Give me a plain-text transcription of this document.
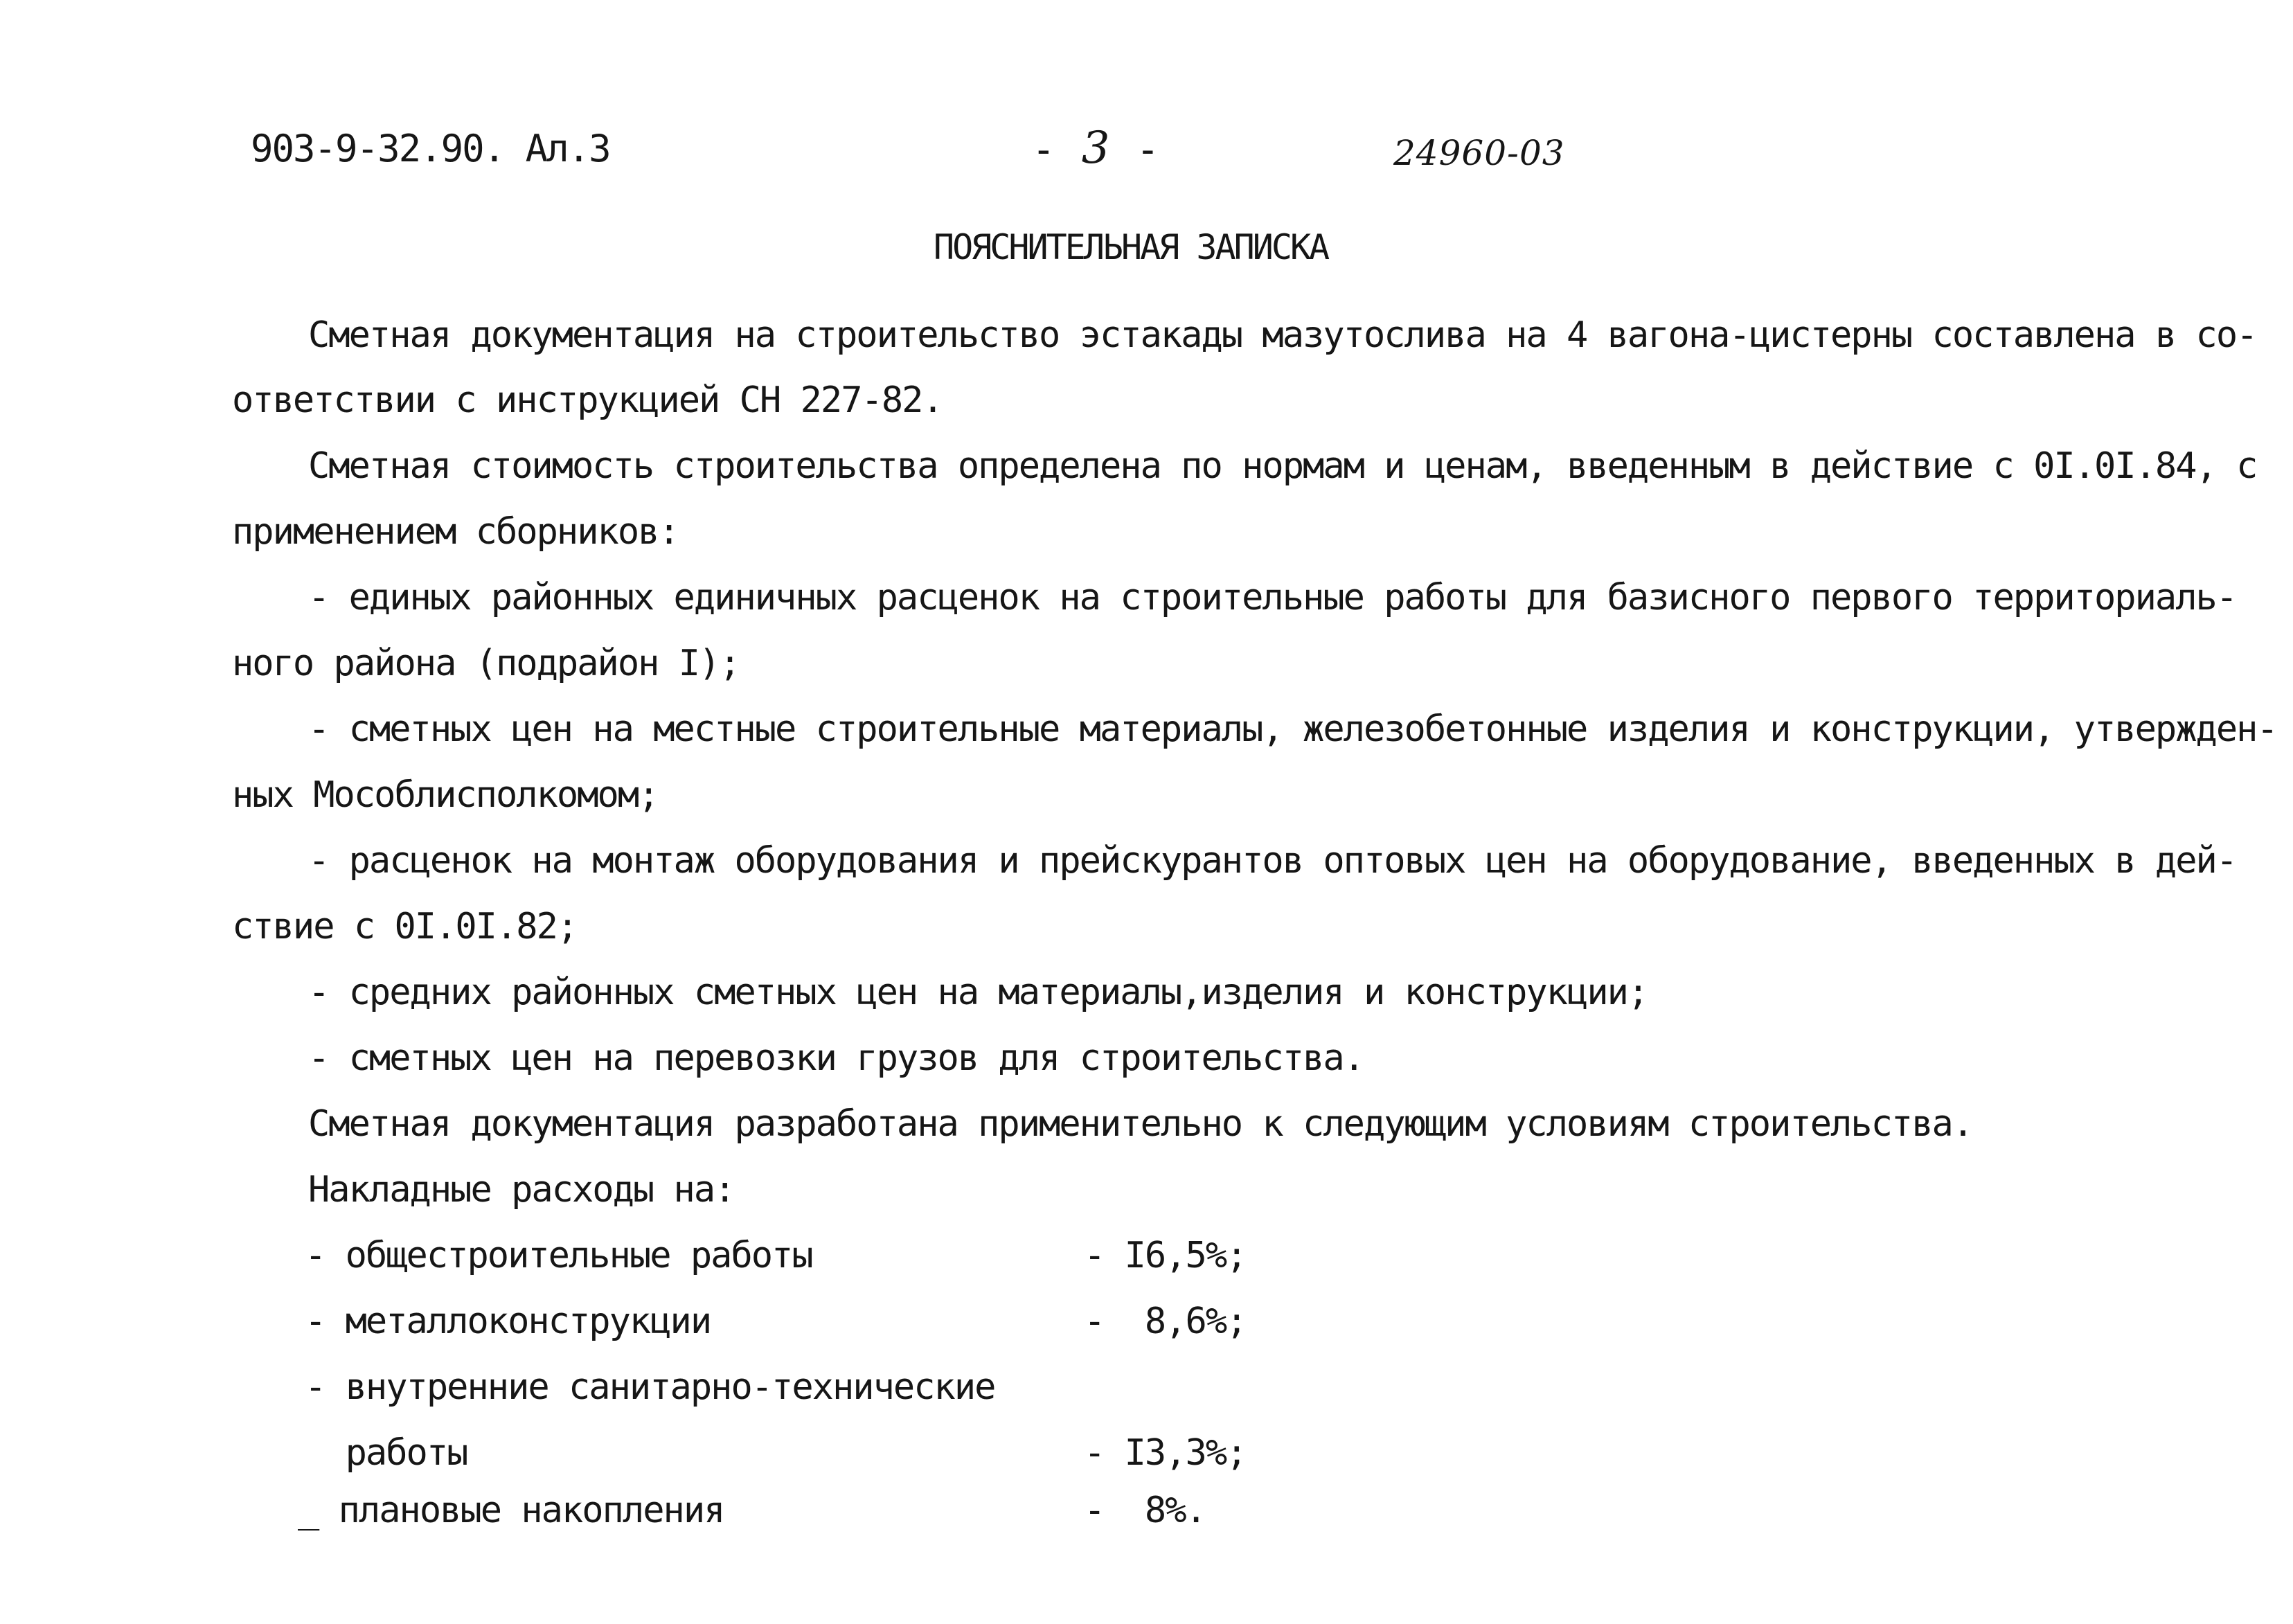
903-9-32.90. Ал.3	- 3 -	24960-03
ПОЯСНИТЕЛЬНАЯ ЗАПИСКА
Сметная документация на строительство эстакады мазутослива на 4 вагона-цистерны составлена в со-
ответствии с инструкцией СН 227-82.
Сметная стоимость строительства определена по нормам и ценам, введенным в действие с 0I.0I.84, с
применением сборников:
- единых районных единичных расценок на строительные работы для базисного первого территориаль-
ного района (подрайон I);
- сметных цен на местные строительные материалы, железобетонные изделия и конструкции, утвержден-
ных Мособлисполкомом;
- расценок на монтаж оборудования и прейскурантов оптовых цен на оборудование, введенных в дей-
ствие с 0I.0I.82;
- средних районных сметных цен на материалы,изделия и конструкции;
- сметных цен на перевозки грузов для строительства.
Сметная документация разработана применительно к следующим условиям строительства.
Накладные расходы на:
- общестроительные работы	- I6,5%;
- металлоконструкции	-  8,6%;
- внутренние санитарно-технические
работы	- I3,3%;
_ плановые накопления	-  8%.
